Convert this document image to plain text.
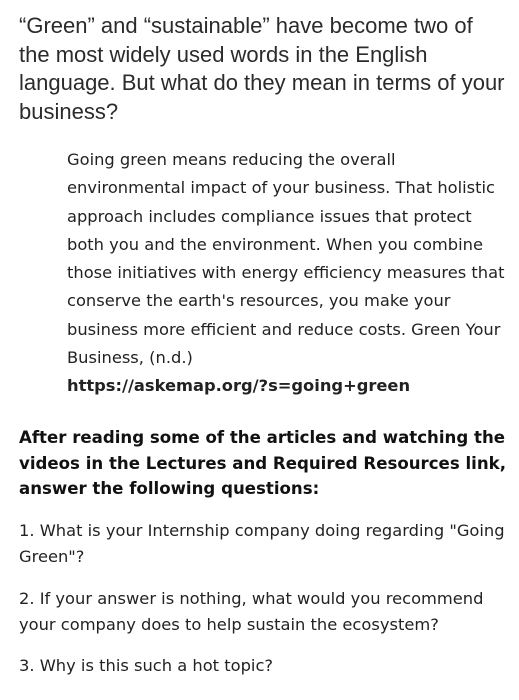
“Green” and “sustainable” have become two of the most widely used words in the English language. But what do they mean in terms of your business?

Going green means reducing the overall environmental impact of your business. That holistic approach includes compliance issues that protect both you and the environment. When you combine those initiatives with energy efficiency measures that conserve the earth's resources, you make your business more efficient and reduce costs. Green Your Business, (n.d.)
https://askemap.org/?s=going+green

After reading some of the articles and watching the videos in the Lectures and Required Resources link, answer the following questions:

1. What is your Internship company doing regarding "Going Green"?

2. If your answer is nothing, what would you recommend your company does to help sustain the ecosystem?

3. Why is this such a hot topic?
